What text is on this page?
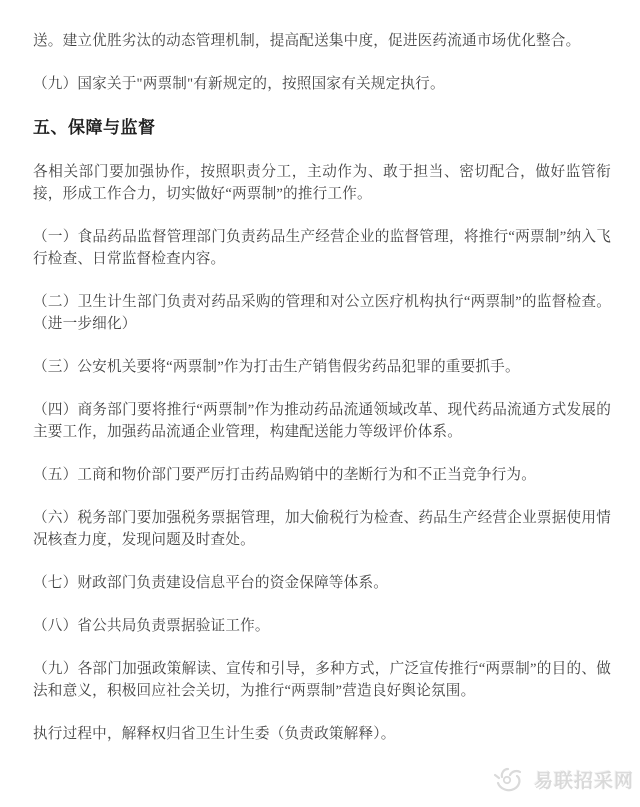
送。建立优胜劣汰的动态管理机制，提高配送集中度，促进医药流通市场优化整合。

（九）国家关于"两票制"有新规定的，按照国家有关规定执行。

五、保障与监督

各相关部门要加强协作，按照职责分工，主动作为、敢于担当、密切配合，做好监管衔接，形成工作合力，切实做好“两票制”的推行工作。

（一）食品药品监督管理部门负责药品生产经营企业的监督管理，将推行“两票制”纳入飞行检查、日常监督检查内容。

（二）卫生计生部门负责对药品采购的管理和对公立医疗机构执行“两票制”的监督检查。（进一步细化）

（三）公安机关要将“两票制”作为打击生产销售假劣药品犯罪的重要抓手。

（四）商务部门要将推行“两票制”作为推动药品流通领域改革、现代药品流通方式发展的主要工作，加强药品流通企业管理，构建配送能力等级评价体系。

（五）工商和物价部门要严厉打击药品购销中的垄断行为和不正当竞争行为。

（六）税务部门要加强税务票据管理，加大偷税行为检查、药品生产经营企业票据使用情况核查力度，发现问题及时查处。

（七）财政部门负责建设信息平台的资金保障等体系。

（八）省公共局负责票据验证工作。

（九）各部门加强政策解读、宣传和引导，多种方式，广泛宣传推行“两票制”的目的、做法和意义，积极回应社会关切，为推行“两票制”营造良好舆论氛围。

执行过程中，解释权归省卫生计生委（负责政策解释）。

易联招采网
